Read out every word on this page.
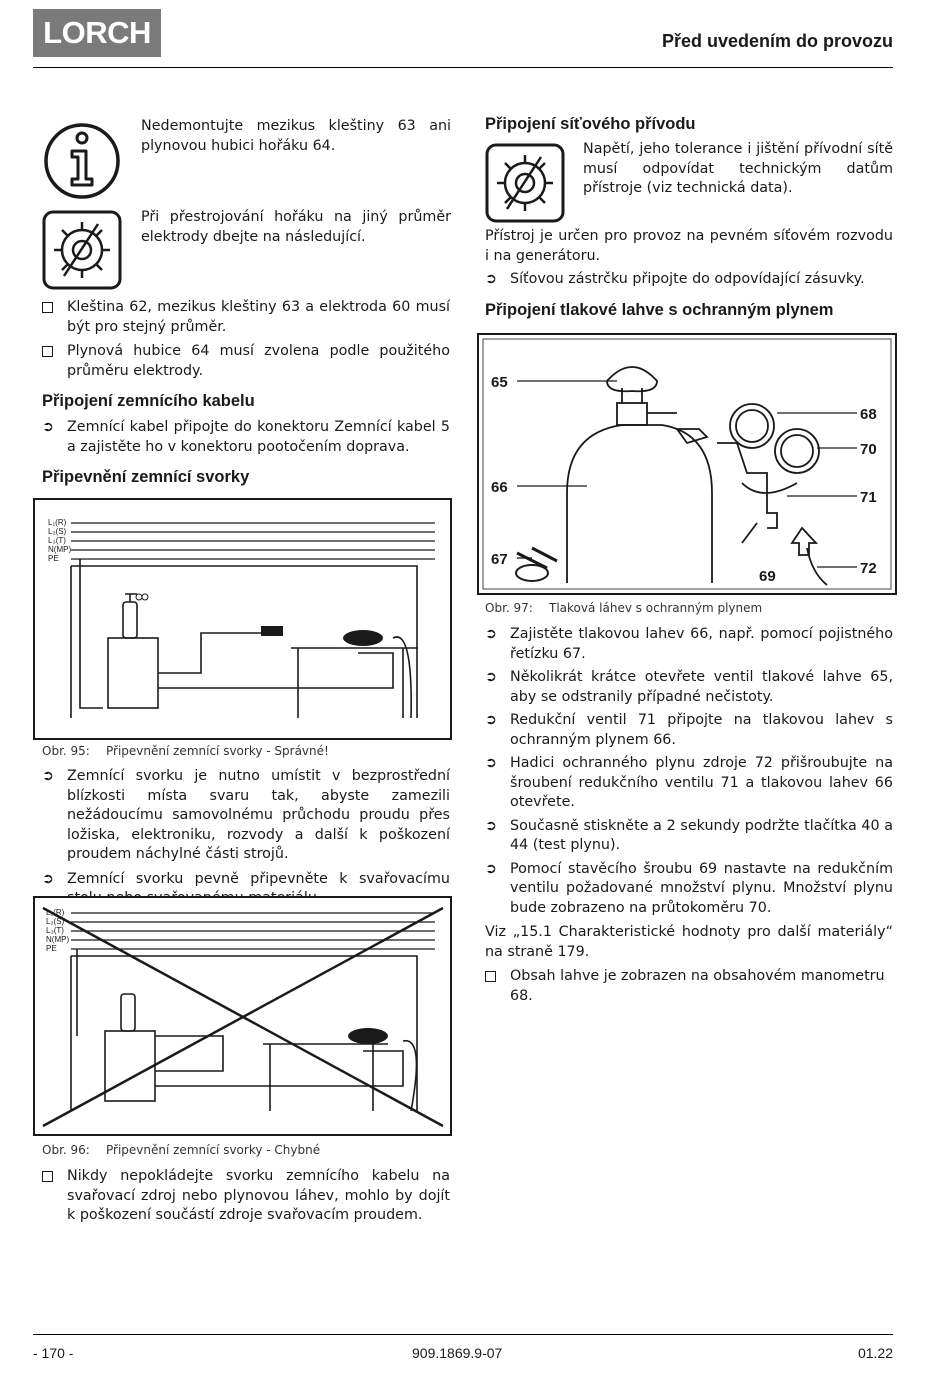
LORCH	Před uvedením do provozu
Nedemontujte mezikus kleštiny 63 ani plynovou hubici hořáku 64.
Při přestrojování hořáku na jiný průměr elektrody dbejte na následující.
Kleština 62, mezikus kleštiny 63 a elektroda 60 musí být pro stejný průměr.
Plynová hubice 64 musí zvolena podle použitého průměru elektrody.
Připojení zemnícího kabelu
➲ Zemnící kabel připojte do konektoru Zemnící kabel 5 a zajistěte ho v konektoru pootočením doprava.
Připevnění zemnící svorky
L₁(R)
L₂(S)
L₃(T)
N(MP)
PE
Obr. 95: Připevnění zemnící svorky - Správné!
➲ Zemnící svorku je nutno umístit v bezprostřední blízkosti místa svaru tak, abyste zamezili nežádoucímu samovolnému průchodu proudu přes ložiska, elektroniku, rozvody a další k poškození proudem náchylné části strojů.
➲ Zemnící svorku pevně připevněte k svařovacímu
L₁(R)
L₂(S)
L₃(T)
N(MP)
PE
Obr. 96: Připevnění zemnící svorky - Chybné
Nikdy nepokládejte svorku zemnícího kabelu na svařovací zdroj nebo plynovou láhev, mohlo by dojít k poškození součástí zdroje svařovacím proudem.
Připojení síťového přívodu
Napětí, jeho tolerance i jištění přívodní sítě musí odpovídat technickým datům přístroje (viz technická data).
Přístroj je určen pro provoz na pevném síťovém rozvodu i na generátoru.
➲ Síťovou zástrčku připojte do odpovídající zásuvky.
Připojení tlakové lahve s ochranným plynem
65
66
67
68
69
70
71
72
Obr. 97: Tlaková láhev s ochranným plynem
➲ Zajistěte tlakovou lahev 66, např. pomocí pojistného řetízku 67.
➲ Několikrát krátce otevřete ventil tlakové lahve 65, aby se odstranily případné nečistoty.
➲ Redukční ventil 71 připojte na tlakovou lahev s ochranným plynem 66.
➲ Hadici ochranného plynu zdroje 72 přišroubujte na šroubení redukčního ventilu 71 a tlakovou lahev 66 otevřete.
➲ Současně stiskněte a 2 sekundy podržte tlačítka 40 a 44 (test plynu).
➲ Pomocí stavěcího šroubu 69 nastavte na redukčním ventilu požadované množství plynu. Množství plynu bude zobrazeno na průtokoměru 70.

Viz „15.1 Charakteristické hodnoty pro další materiály“ na straně 179.

Obsah lahve je zobrazen na obsahovém manometru 68.
- 170 -	909.1869.9-07	01.22
